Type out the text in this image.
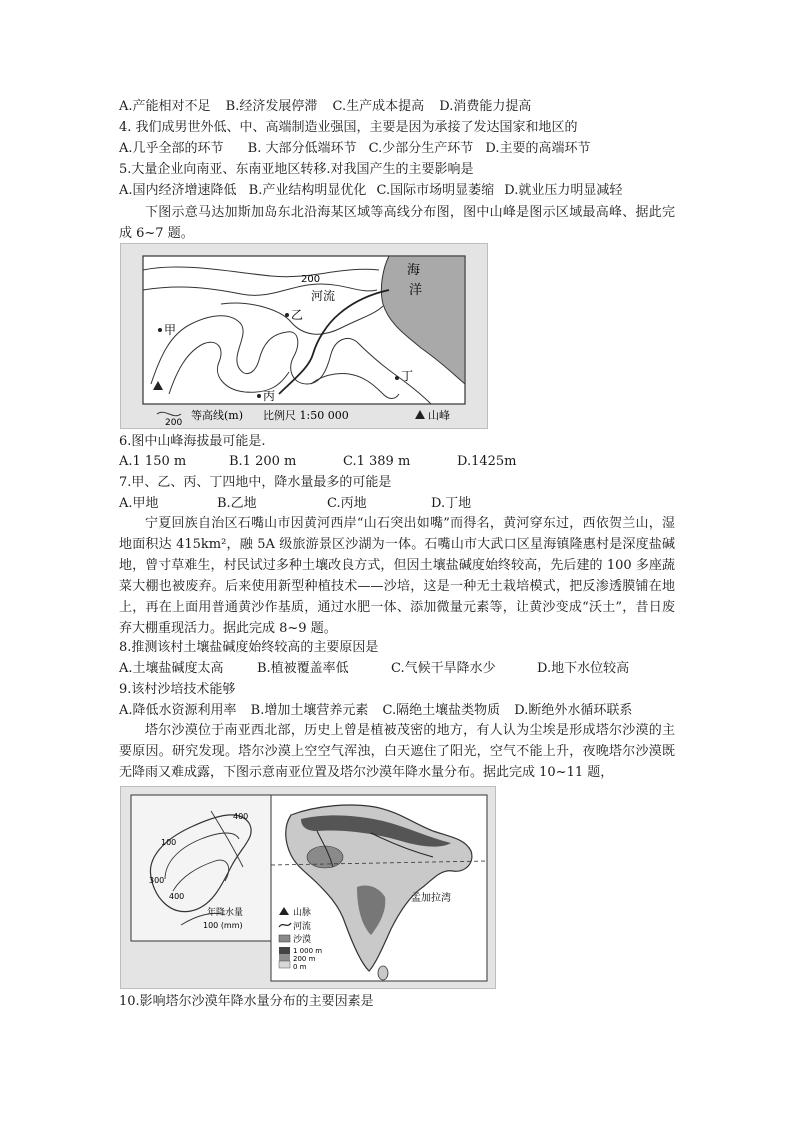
A.产能相对不足 B.经济发展停滞 C.生产成本提高 D.消费能力提高
4. 我们成男世外低、中、高端制造业强国，主要是因为承接了发达国家和地区的
A.几乎全部的环节 B. 大部分低端环节 C.少部分生产环节 D.主要的高端环节
5.大量企业向南亚、东南亚地区转移.对我国产生的主要影响是
A.国内经济增速降低 B.产业结构明显优化 C.国际市场明显萎缩 D.就业压力明显减轻
下图示意马达加斯加岛东北沿海某区域等高线分布图，图中山峰是图示区域最高峰、据此完成 6~7 题。
200
河流
海
洋
甲
乙
丙
丁
200
等高线(m) 比例尺 1:50 000	山峰
6.图中山峰海拔最可能是.
A.1 150 m	B.1 200 m	C.1 389 m	D.1425m
7.甲、乙、丙、丁四地中，降水量最多的可能是
A.甲地	B.乙地	C.丙地	D.丁地
宁夏回族自治区石嘴山市因黄河西岸“山石突出如嘴”而得名，黄河穿东过，西依贺兰山，湿地面积达 415km²，融 5A 级旅游景区沙湖为一体。石嘴山市大武口区星海镇隆惠村是深度盐碱地，曾寸草难生，村民试过多种土壤改良方式，但因土壤盐碱度始终较高，先后建的 100 多座蔬菜大棚也被废弃。后来使用新型种植技术——沙培，这是一种无土栽培模式，把反渗透膜铺在地上，再在上面用普通黄沙作基质，通过水肥一体、添加微量元素等，让黄沙变成“沃土”，昔日废弃大棚重现活力。据此完成 8~9 题。
8.推测该村土壤盐碱度始终较高的主要原因是
A.土壤盐碱度太高	B.植被覆盖率低	C.气候干旱降水少	D.地下水位较高
9.该村沙培技术能够
A.降低水资源利用率 B.增加土壤营养元素 C.隔绝土壤盐类物质 D.断绝外水循环联系
塔尔沙漠位于南亚西北部，历史上曾是植被茂密的地方，有人认为尘埃是形成塔尔沙漠的主要原因。研究发现。塔尔沙漠上空空气浑浊，白天遮住了阳光，空气不能上升，夜晚塔尔沙漠既无降雨又难成露，下图示意南亚位置及塔尔沙漠年降水量分布。据此完成 10~11 题，
400
100
300
400
年降水量
100 (mm)
孟加拉湾
山脉
河流
沙漠
1 000 m
200 m
0 m
10.影响塔尔沙漠年降水量分布的主要因素是
